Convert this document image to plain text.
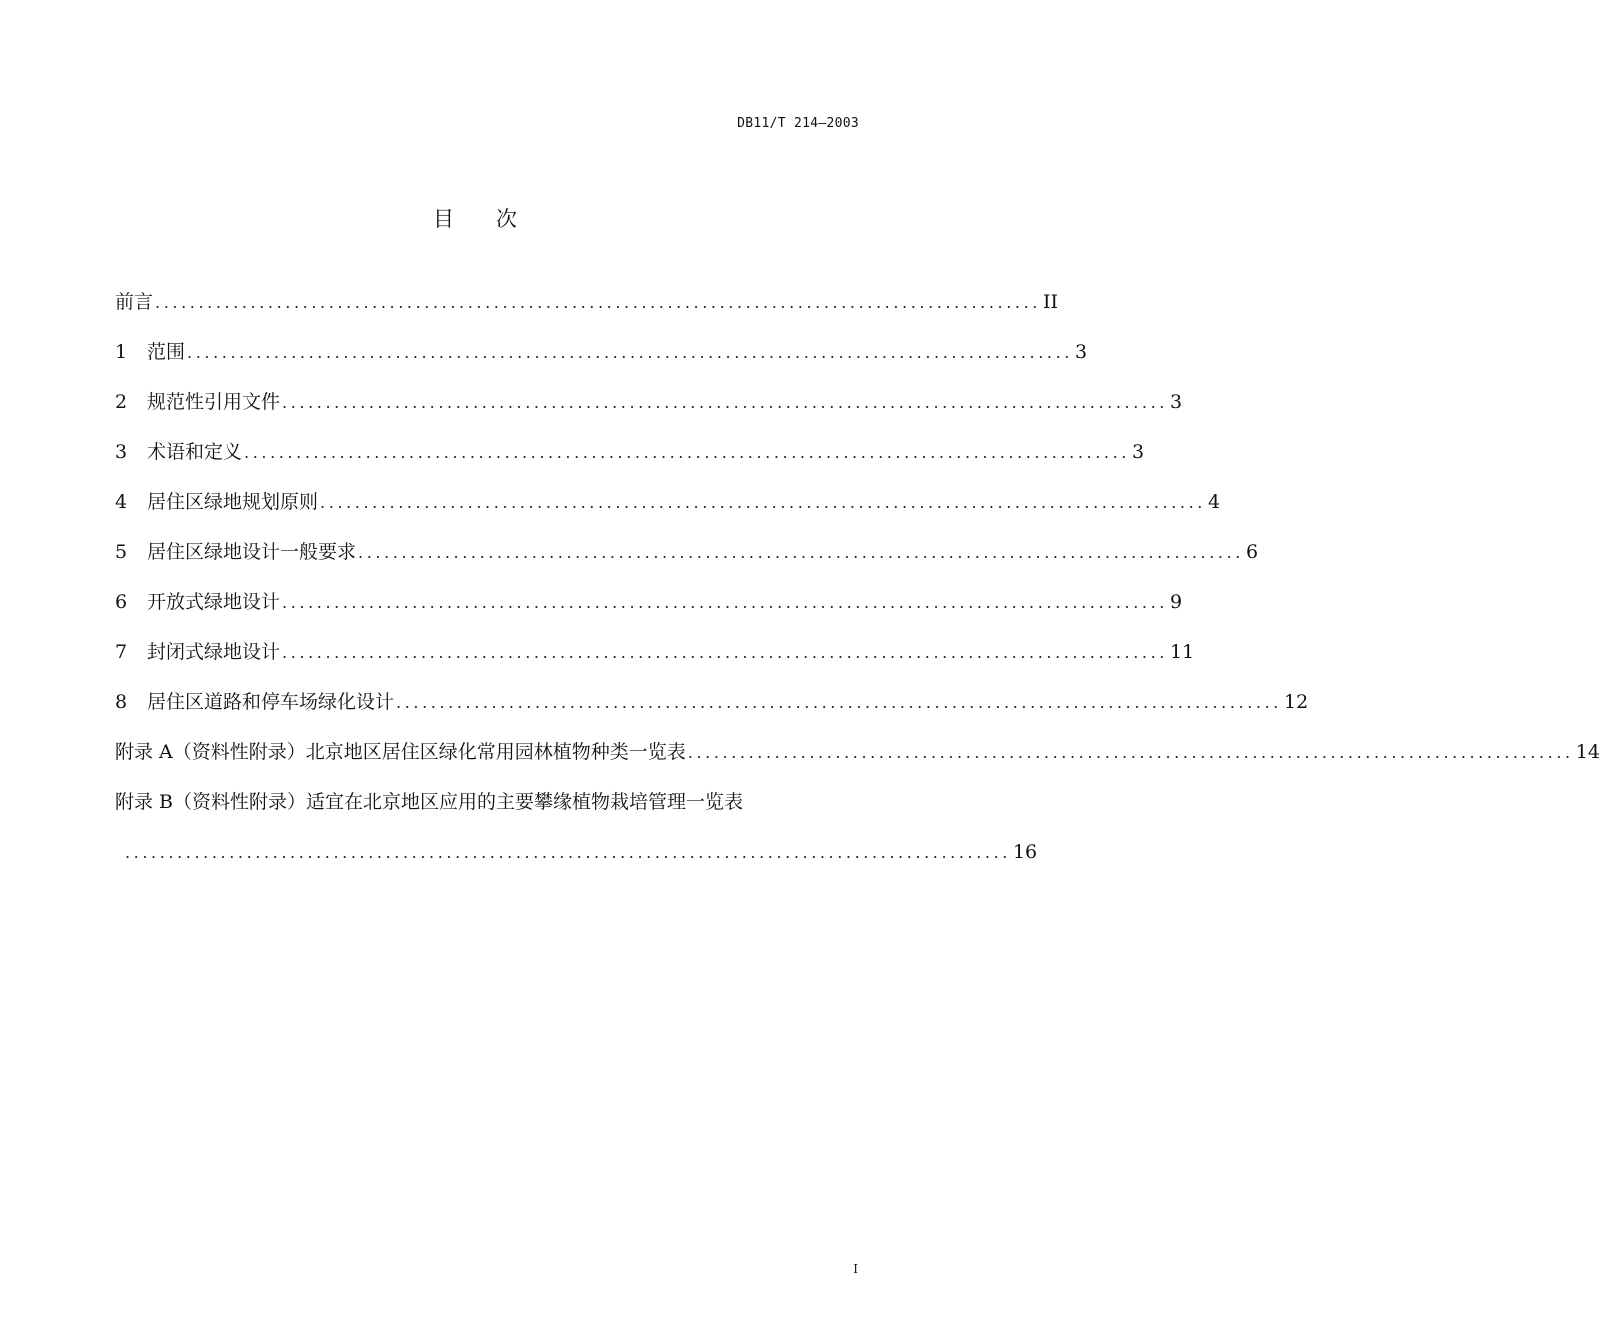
DB11/T 214—2003
目 次
前言 ...................................................................................................... II
1	范围 ...................................................................................................... 3
2	规范性引用文件 ...................................................................................................... 3
3	术语和定义 ...................................................................................................... 3
4	居住区绿地规划原则 ...................................................................................................... 4
5	居住区绿地设计一般要求 ...................................................................................................... 6
6	开放式绿地设计 ...................................................................................................... 9
7	封闭式绿地设计 ...................................................................................................... 11
8	居住区道路和停车场绿化设计 ...................................................................................................... 12
附录 A（资料性附录）北京地区居住区绿化常用园林植物种类一览表 ...................................................................................................... 14
附录 B（资料性附录）适宜在北京地区应用的主要攀缘植物栽培管理一览表
...................................................................................................... 16
I
